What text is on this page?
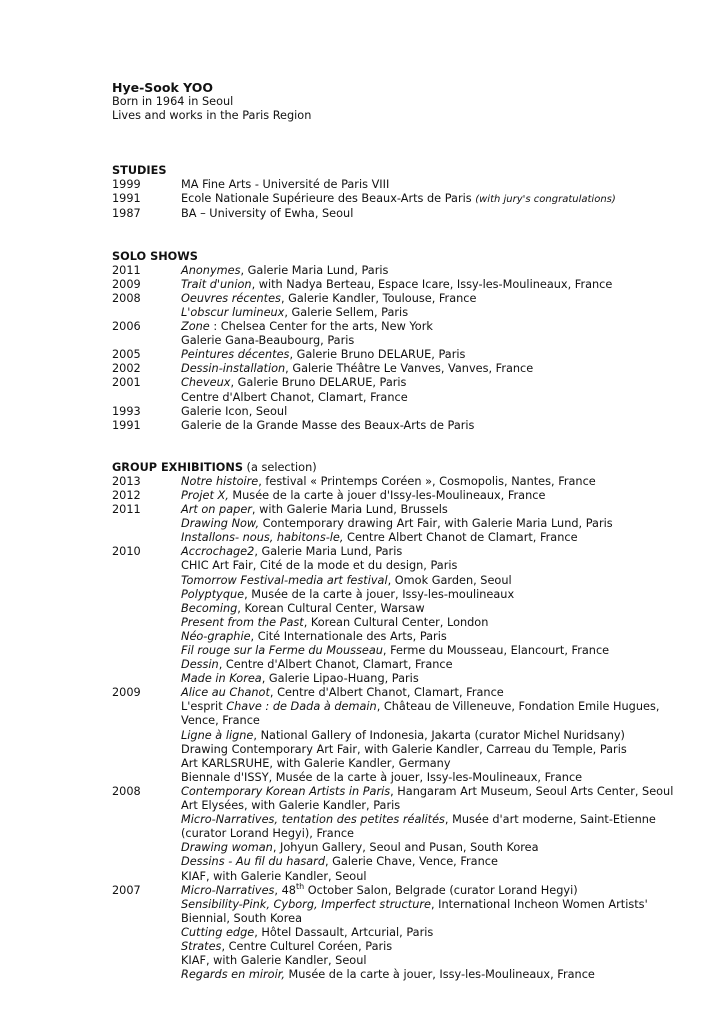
Hye-Sook YOO
Born in 1964 in Seoul
Lives and works in the Paris Region
STUDIES
1999	MA Fine Arts - Université de Paris VIII
1991	Ecole Nationale Supérieure des Beaux-Arts de Paris (with jury's congratulations)
1987	BA – University of Ewha, Seoul
SOLO SHOWS
2011	Anonymes, Galerie Maria Lund, Paris
2009	Trait d'union, with Nadya Berteau, Espace Icare, Issy-les-Moulineaux, France
2008	Oeuvres récentes, Galerie Kandler, Toulouse, France
L'obscur lumineux, Galerie Sellem, Paris
2006	Zone : Chelsea Center for the arts, New York
Galerie Gana-Beaubourg, Paris
2005	Peintures décentes, Galerie Bruno DELARUE, Paris
2002	Dessin-installation, Galerie Théâtre Le Vanves, Vanves, France
2001	Cheveux, Galerie Bruno DELARUE, Paris
Centre d'Albert Chanot, Clamart, France
1993	Galerie Icon, Seoul
1991	Galerie de la Grande Masse des Beaux-Arts de Paris
GROUP EXHIBITIONS (a selection)
2013	Notre histoire, festival « Printemps Coréen », Cosmopolis, Nantes, France
2012	Projet X, Musée de la carte à jouer d'Issy-les-Moulineaux, France
2011	Art on paper, with Galerie Maria Lund, Brussels
Drawing Now, Contemporary drawing Art Fair, with Galerie Maria Lund, Paris
Installons- nous, habitons-le, Centre Albert Chanot de Clamart, France
2010	Accrochage2, Galerie Maria Lund, Paris
CHIC Art Fair, Cité de la mode et du design, Paris
Tomorrow Festival-media art festival, Omok Garden, Seoul
Polyptyque, Musée de la carte à jouer, Issy-les-moulineaux
Becoming, Korean Cultural Center, Warsaw
Present from the Past, Korean Cultural Center, London
Néo-graphie, Cité Internationale des Arts, Paris
Fil rouge sur la Ferme du Mousseau, Ferme du Mousseau, Elancourt, France
Dessin, Centre d'Albert Chanot, Clamart, France
Made in Korea, Galerie Lipao-Huang, Paris
2009	Alice au Chanot, Centre d'Albert Chanot, Clamart, France
L'esprit Chave : de Dada à demain, Château de Villeneuve, Fondation Emile Hugues,
Vence, France
Ligne à ligne, National Gallery of Indonesia, Jakarta (curator Michel Nuridsany)
Drawing Contemporary Art Fair, with Galerie Kandler, Carreau du Temple, Paris
Art KARLSRUHE, with Galerie Kandler, Germany
Biennale d'ISSY, Musée de la carte à jouer, Issy-les-Moulineaux, France
2008	Contemporary Korean Artists in Paris, Hangaram Art Museum, Seoul Arts Center, Seoul
Art Elysées, with Galerie Kandler, Paris
Micro-Narratives, tentation des petites réalités, Musée d'art moderne, Saint-Etienne
(curator Lorand Hegyi), France
Drawing woman, Johyun Gallery, Seoul and Pusan, South Korea
Dessins - Au fil du hasard, Galerie Chave, Vence, France
KIAF, with Galerie Kandler, Seoul
2007	Micro-Narratives, 48th October Salon, Belgrade (curator Lorand Hegyi)
Sensibility-Pink, Cyborg, Imperfect structure, International Incheon Women Artists'
Biennial, South Korea
Cutting edge, Hôtel Dassault, Artcurial, Paris
Strates, Centre Culturel Coréen, Paris
KIAF, with Galerie Kandler, Seoul
Regards en miroir, Musée de la carte à jouer, Issy-les-Moulineaux, France
